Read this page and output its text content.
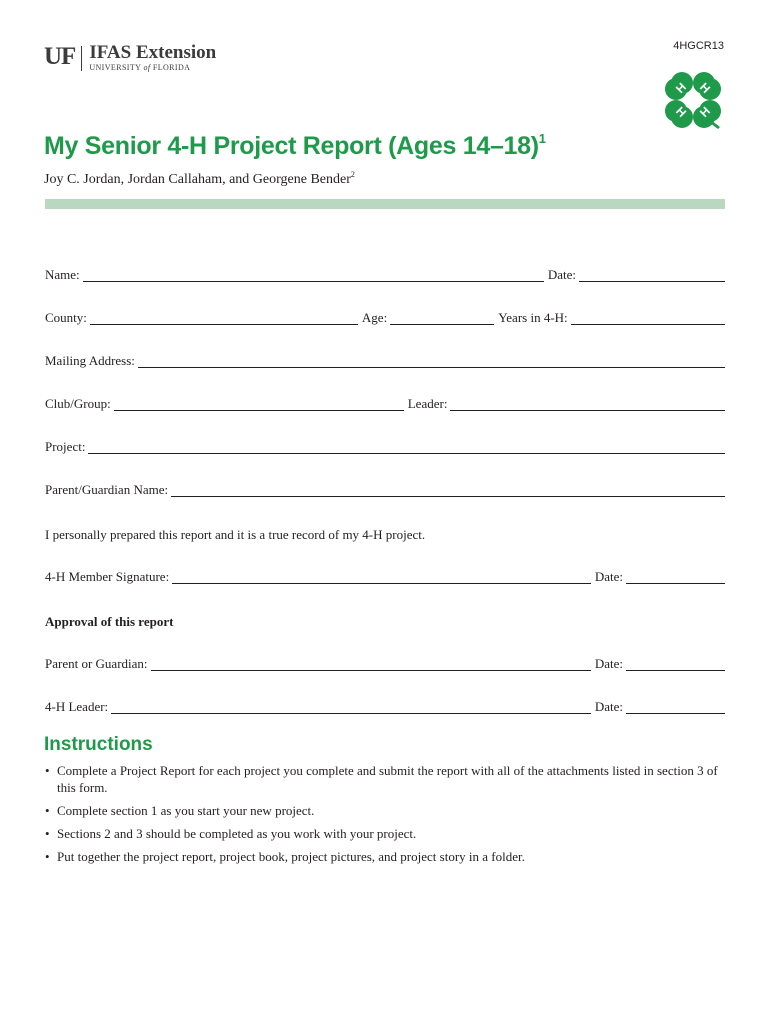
UF IFAS Extension
UNIVERSITY of FLORIDA
4HGCR13
H H
H H
My Senior 4-H Project Report (Ages 14–18)$^1$
Joy C. Jordan, Jordan Callaham, and Georgene Bender$^2$
Name:	Date:
County:	Age:	Years in 4-H:
Mailing Address:
Club/Group:	Leader:
Project:
Parent/Guardian Name:
I personally prepared this report and it is a true record of my 4-H project.
4-H Member Signature:	Date:
Approval of this report
Parent or Guardian:	Date:
4-H Leader:	Date:
Instructions
• Complete a Project Report for each project you complete and submit the report with all of the attachments listed in section 3 of this form.
• Complete section 1 as you start your new project.
• Sections 2 and 3 should be completed as you work with your project.
• Put together the project report, project book, project pictures, and project story in a folder.
